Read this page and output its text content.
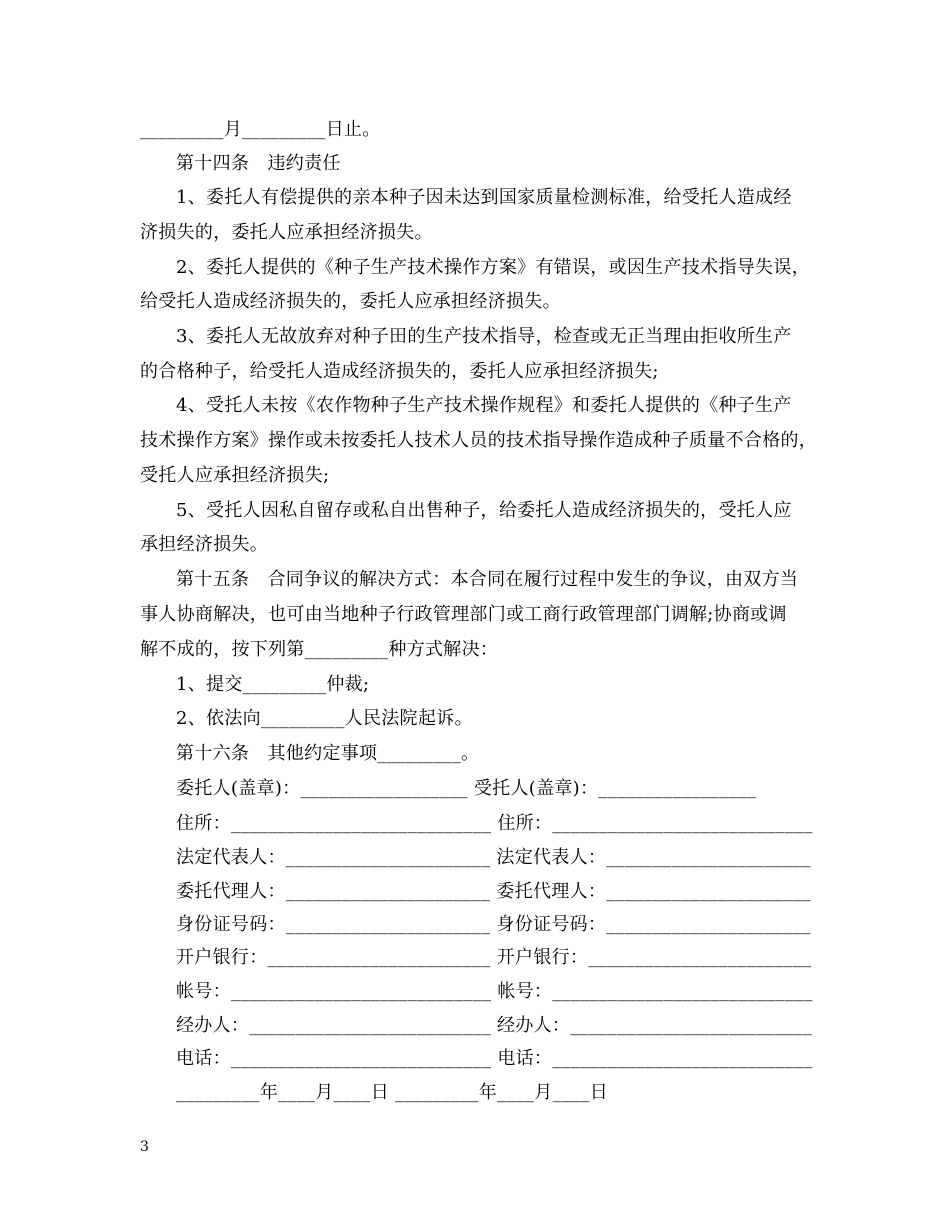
_________月_________日止。
第十四条　违约责任
1、委托人有偿提供的亲本种子因未达到国家质量检测标准，给受托人造成经
济损失的，委托人应承担经济损失。
2、委托人提供的《种子生产技术操作方案》有错误，或因生产技术指导失误，
给受托人造成经济损失的，委托人应承担经济损失。
3、委托人无故放弃对种子田的生产技术指导，检查或无正当理由拒收所生产
的合格种子，给受托人造成经济损失的，委托人应承担经济损失;
4、受托人未按《农作物种子生产技术操作规程》和委托人提供的《种子生产
技术操作方案》操作或未按委托人技术人员的技术指导操作造成种子质量不合格的，
受托人应承担经济损失;
5、受托人因私自留存或私自出售种子，给委托人造成经济损失的，受托人应
承担经济损失。
第十五条　合同争议的解决方式：本合同在履行过程中发生的争议，由双方当
事人协商解决，也可由当地种子行政管理部门或工商行政管理部门调解;协商或调
解不成的，按下列第_________种方式解决：
1、提交_________仲裁;
2、依法向_________人民法院起诉。
第十六条　其他约定事项_________。
委托人(盖章)：__________________ 受托人(盖章)：_________________
住所：____________________________ 住所：____________________________
法定代表人：______________________ 法定代表人：______________________
委托代理人：______________________ 委托代理人：______________________
身份证号码：______________________ 身份证号码：______________________
开户银行：________________________ 开户银行：________________________
帐号：____________________________ 帐号：____________________________
经办人：__________________________ 经办人：__________________________
电话：____________________________ 电话：____________________________
_________年____月____日 _________年____月____日
3
